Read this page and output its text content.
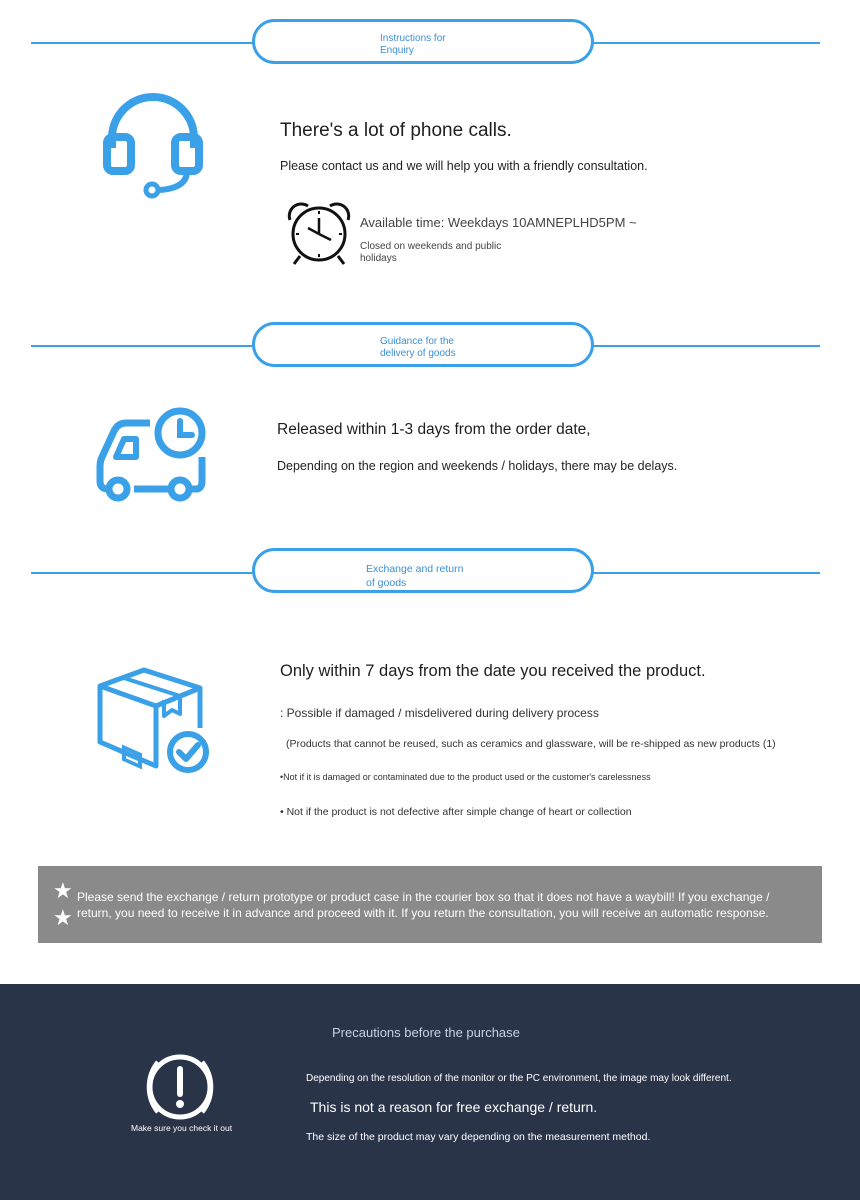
Instructions for
Enquiry
There's a lot of phone calls.
Please contact us and we will help you with a friendly consultation.
Available time: Weekdays 10AMNEPLHD5PM ~
Closed on weekends and public
holidays
Guidance for the
delivery of goods
Released within 1-3 days from the order date,
Depending on the region and weekends / holidays, there may be delays.
Exchange and return
of goods
Only within 7 days from the date you received the product.
: Possible if damaged / misdelivered during delivery process
(Products that cannot be reused, such as ceramics and glassware, will be re-shipped as new products (1)
•Not if it is damaged or contaminated due to the product used or the customer's carelessness
• Not if the product is not defective after simple change of heart or collection
★
★
Please send the exchange / return prototype or product case in the courier box so that it does not have a waybill! If you exchange / return, you need to receive it in advance and proceed with it. If you return the consultation, you will receive an automatic response.
Precautions before the purchase
Make sure you check it out
Depending on the resolution of the monitor or the PC environment, the image may look different.
This is not a reason for free exchange / return.
The size of the product may vary depending on the measurement method.
